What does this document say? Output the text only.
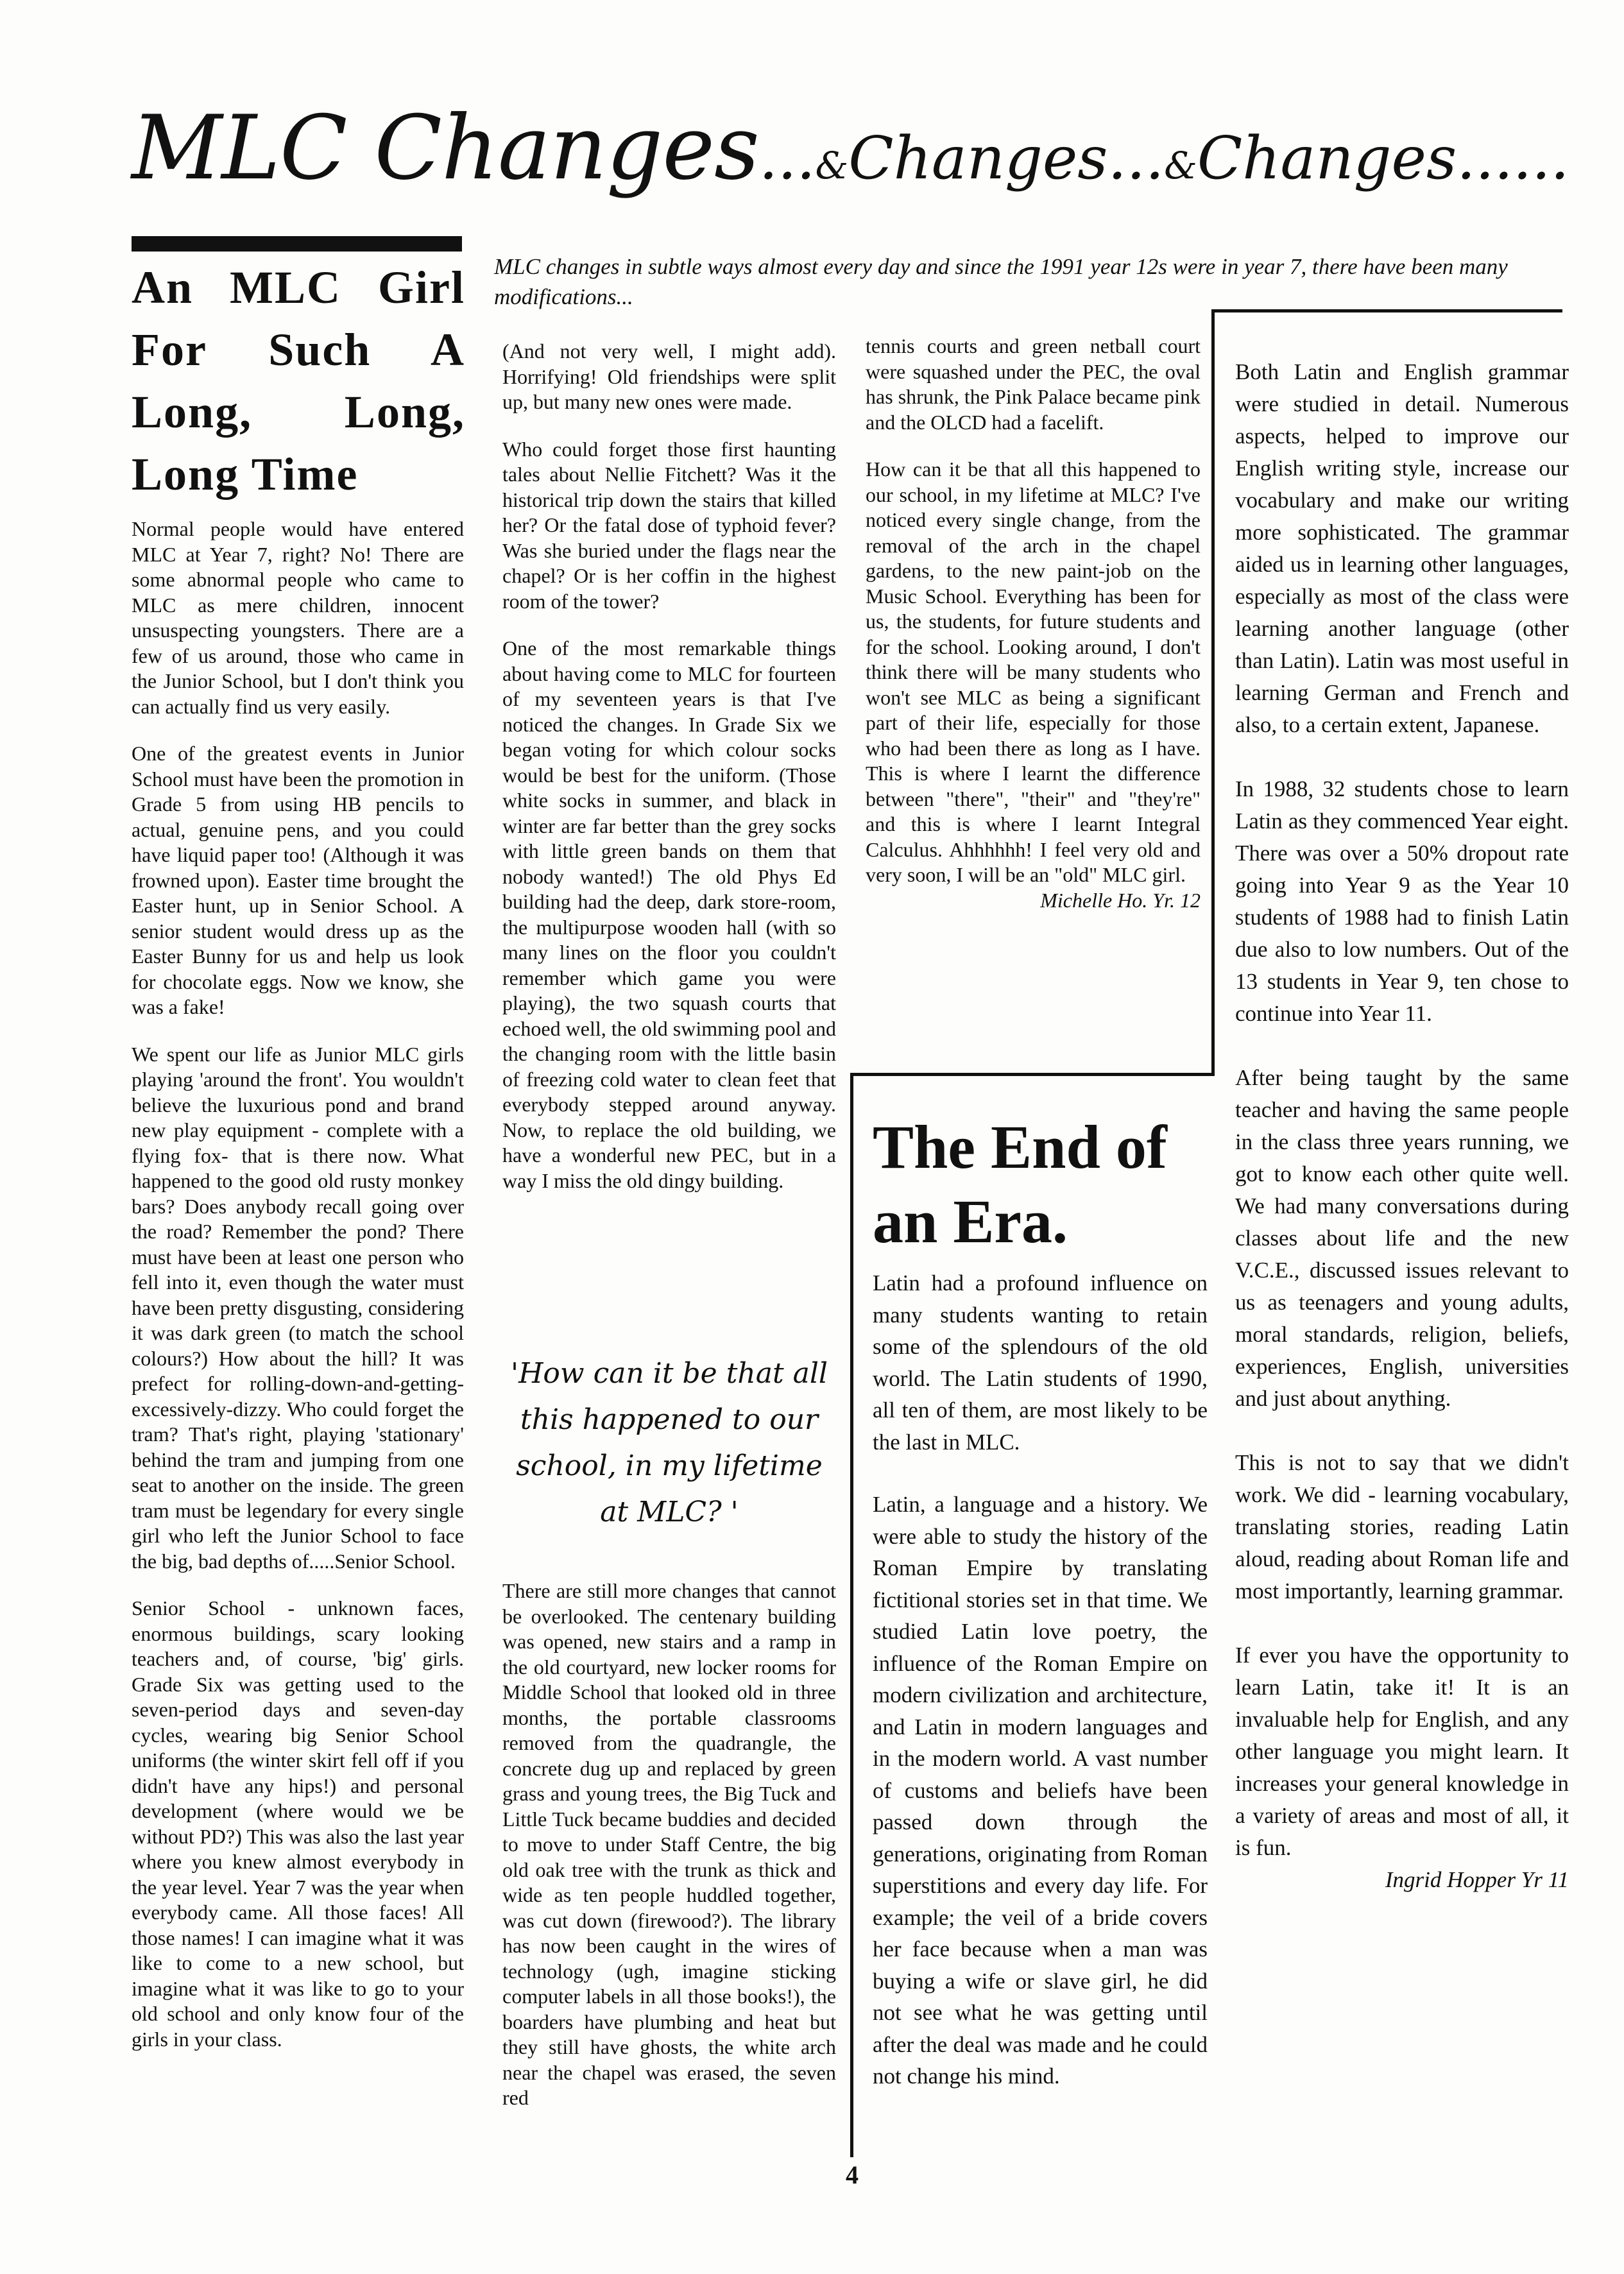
MLC Changes...&Changes...&Changes......

MLC changes in subtle ways almost every day and since the 1991 year 12s were in year 7, there have been many modifications...

An MLC Girl
For Such A
Long, Long,
Long Time

Normal people would have entered MLC at Year 7, right? No! There are some abnormal people who came to MLC as mere children, innocent unsuspecting youngsters. There are a few of us around, those who came in the Junior School, but I don't think you can actually find us very easily.

One of the greatest events in Junior School must have been the promotion in Grade 5 from using HB pencils to actual, genuine pens, and you could have liquid paper too! (Although it was frowned upon). Easter time brought the Easter hunt, up in Senior School. A senior student would dress up as the Easter Bunny for us and help us look for chocolate eggs. Now we know, she was a fake!

We spent our life as Junior MLC girls playing 'around the front'. You wouldn't believe the luxurious pond and brand new play equipment - complete with a flying fox- that is there now. What happened to the good old rusty monkey bars? Does anybody recall going over the road? Remember the pond? There must have been at least one person who fell into it, even though the water must have been pretty disgusting, considering it was dark green (to match the school colours?) How about the hill? It was prefect for rolling-down-and-getting-excessively-dizzy. Who could forget the tram? That's right, playing 'stationary' behind the tram and jumping from one seat to another on the inside. The green tram must be legendary for every single girl who left the Junior School to face the big, bad depths of.....Senior School.

Senior School - unknown faces, enormous buildings, scary looking teachers and, of course, 'big' girls. Grade Six was getting used to the seven-period days and seven-day cycles, wearing big Senior School uniforms (the winter skirt fell off if you didn't have any hips!) and personal development (where would we be without PD?) This was also the last year where you knew almost everybody in the year level. Year 7 was the year when everybody came. All those faces! All those names! I can imagine what it was like to come to a new school, but imagine what it was like to go to your old school and only know four of the girls in your class.

(And not very well, I might add). Horrifying! Old friendships were split up, but many new ones were made.

Who could forget those first haunting tales about Nellie Fitchett? Was it the historical trip down the stairs that killed her? Or the fatal dose of typhoid fever? Was she buried under the flags near the chapel? Or is her coffin in the highest room of the tower?

One of the most remarkable things about having come to MLC for fourteen of my seventeen years is that I've noticed the changes. In Grade Six we began voting for which colour socks would be best for the uniform. (Those white socks in summer, and black in winter are far better than the grey socks with little green bands on them that nobody wanted!) The old Phys Ed building had the deep, dark store-room, the multipurpose wooden hall (with so many lines on the floor you couldn't remember which game you were playing), the two squash courts that echoed well, the old swimming pool and the changing room with the little basin of freezing cold water to clean feet that everybody stepped around anyway. Now, to replace the old building, we have a wonderful new PEC, but in a way I miss the old dingy building.

'How can it be that all this happened to our school, in my lifetime at MLC? '

There are still more changes that cannot be overlooked. The centenary building was opened, new stairs and a ramp in the old courtyard, new locker rooms for Middle School that looked old in three months, the portable classrooms removed from the quadrangle, the concrete dug up and replaced by green grass and young trees, the Big Tuck and Little Tuck became buddies and decided to move to under Staff Centre, the big old oak tree with the trunk as thick and wide as ten people huddled together, was cut down (firewood?). The library has now been caught in the wires of technology (ugh, imagine sticking computer labels in all those books!), the boarders have plumbing and heat but they still have ghosts, the white arch near the chapel was erased, the seven red

tennis courts and green netball court were squashed under the PEC, the oval has shrunk, the Pink Palace became pink and the OLCD had a facelift.

How can it be that all this happened to our school, in my lifetime at MLC? I've noticed every single change, from the removal of the arch in the chapel gardens, to the new paint-job on the Music School. Everything has been for us, the students, for future students and for the school. Looking around, I don't think there will be many students who won't see MLC as being a significant part of their life, especially for those who had been there as long as I have. This is where I learnt the difference between "there", "their" and "they're" and this is where I learnt Integral Calculus. Ahhhhhh! I feel very old and very soon, I will be an "old" MLC girl.

Michelle Ho. Yr. 12

The End of an Era.

Latin had a profound influence on many students wanting to retain some of the splendours of the old world. The Latin students of 1990, all ten of them, are most likely to be the last in MLC.

Latin, a language and a history. We were able to study the history of the Roman Empire by translating fictitional stories set in that time. We studied Latin love poetry, the influence of the Roman Empire on modern civilization and architecture, and Latin in modern languages and in the modern world. A vast number of customs and beliefs have been passed down through the generations, originating from Roman superstitions and every day life. For example; the veil of a bride covers her face because when a man was buying a wife or slave girl, he did not see what he was getting until after the deal was made and he could not change his mind.

Both Latin and English grammar were studied in detail. Numerous aspects, helped to improve our English writing style, increase our vocabulary and make our writing more sophisticated. The grammar aided us in learning other languages, especially as most of the class were learning another language (other than Latin). Latin was most useful in learning German and French and also, to a certain extent, Japanese.

In 1988, 32 students chose to learn Latin as they commenced Year eight. There was over a 50% dropout rate going into Year 9 as the Year 10 students of 1988 had to finish Latin due also to low numbers. Out of the 13 students in Year 9, ten chose to continue into Year 11.

After being taught by the same teacher and having the same people in the class three years running, we got to know each other quite well. We had many conversations during classes about life and the new V.C.E., discussed issues relevant to us as teenagers and young adults, moral standards, religion, beliefs, experiences, English, universities and just about anything.

This is not to say that we didn't work. We did - learning vocabulary, translating stories, reading Latin aloud, reading about Roman life and most importantly, learning grammar.

If ever you have the opportunity to learn Latin, take it! It is an invaluable help for English, and any other language you might learn. It increases your general knowledge in a variety of areas and most of all, it is fun.

Ingrid Hopper Yr 11

4
